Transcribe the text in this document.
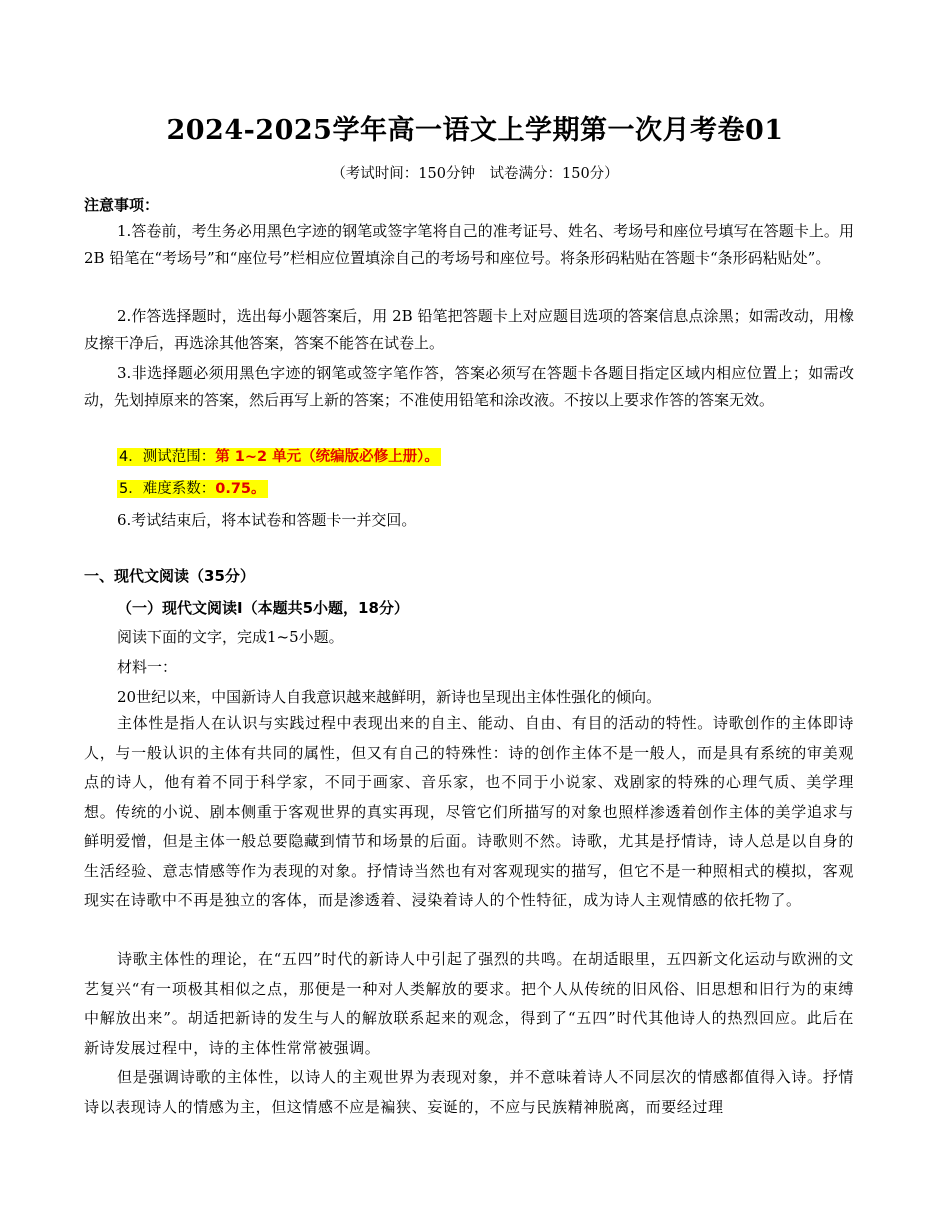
2024-2025学年高一语文上学期第一次月考卷01
（考试时间：150分钟　试卷满分：150分）
注意事项：

1.答卷前，考生务必用黑色字迹的钢笔或签字笔将自己的准考证号、姓名、考场号和座位号填写在答题卡上。用 2B 铅笔在“考场号”和“座位号”栏相应位置填涂自己的考场号和座位号。将条形码粘贴在答题卡“条形码粘贴处”。

2.作答选择题时，选出每小题答案后，用 2B 铅笔把答题卡上对应题目选项的答案信息点涂黑；如需改动，用橡皮擦干净后，再选涂其他答案，答案不能答在试卷上。

3.非选择题必须用黑色字迹的钢笔或签字笔作答，答案必须写在答题卡各题目指定区域内相应位置上；如需改动，先划掉原来的答案，然后再写上新的答案；不准使用铅笔和涂改液。不按以上要求作答的答案无效。

4．测试范围：第 1~2 单元（统编版必修上册）。
5．难度系数：0.75。
6.考试结束后，将本试卷和答题卡一并交回。
一、现代文阅读（35分）
（一）现代文阅读Ⅰ（本题共5小题，18分）
阅读下面的文字，完成1~5小题。
材料一：
20世纪以来，中国新诗人自我意识越来越鲜明，新诗也呈现出主体性强化的倾向。

主体性是指人在认识与实践过程中表现出来的自主、能动、自由、有目的活动的特性。诗歌创作的主体即诗人，与一般认识的主体有共同的属性，但又有自己的特殊性：诗的创作主体不是一般人，而是具有系统的审美观点的诗人，他有着不同于科学家，不同于画家、音乐家，也不同于小说家、戏剧家的特殊的心理气质、美学理想。传统的小说、剧本侧重于客观世界的真实再现，尽管它们所描写的对象也照样渗透着创作主体的美学追求与鲜明爱憎，但是主体一般总要隐藏到情节和场景的后面。诗歌则不然。诗歌，尤其是抒情诗，诗人总是以自身的生活经验、意志情感等作为表现的对象。抒情诗当然也有对客观现实的描写，但它不是一种照相式的模拟，客观现实在诗歌中不再是独立的客体，而是渗透着、浸染着诗人的个性特征，成为诗人主观情感的依托物了。

诗歌主体性的理论，在“五四”时代的新诗人中引起了强烈的共鸣。在胡适眼里，五四新文化运动与欧洲的文艺复兴“有一项极其相似之点，那便是一种对人类解放的要求。把个人从传统的旧风俗、旧思想和旧行为的束缚中解放出来”。胡适把新诗的发生与人的解放联系起来的观念，得到了“五四”时代其他诗人的热烈回应。此后在新诗发展过程中，诗的主体性常常被强调。

但是强调诗歌的主体性，以诗人的主观世界为表现对象，并不意味着诗人不同层次的情感都值得入诗。抒情诗以表现诗人的情感为主，但这情感不应是褊狭、妄诞的，不应与民族精神脱离，而要经过理
